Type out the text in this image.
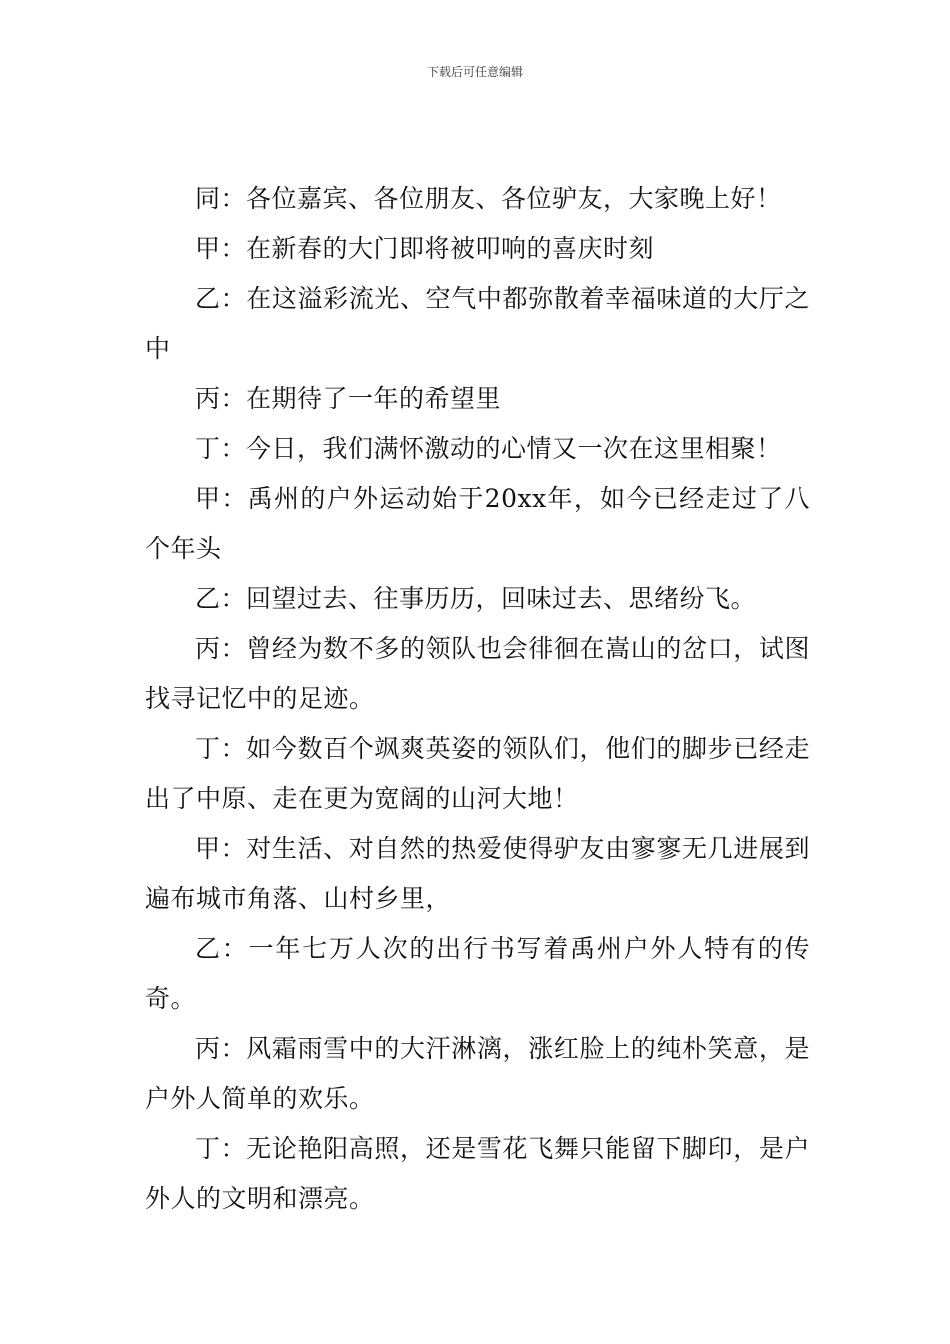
下载后可任意编辑

同：各位嘉宾、各位朋友、各位驴友，大家晚上好！

甲：在新春的大门即将被叩响的喜庆时刻

乙：在这溢彩流光、空气中都弥散着幸福味道的大厅之中

丙：在期待了一年的希望里

丁：今日，我们满怀激动的心情又一次在这里相聚！

甲：禹州的户外运动始于20xx年，如今已经走过了八个年头

乙：回望过去、往事历历，回味过去、思绪纷飞。

丙：曾经为数不多的领队也会徘徊在嵩山的岔口，试图找寻记忆中的足迹。

丁：如今数百个飒爽英姿的领队们，他们的脚步已经走出了中原、走在更为宽阔的山河大地！

甲：对生活、对自然的热爱使得驴友由寥寥无几进展到遍布城市角落、山村乡里，

乙：一年七万人次的出行书写着禹州户外人特有的传奇。

丙：风霜雨雪中的大汗淋漓，涨红脸上的纯朴笑意，是户外人简单的欢乐。

丁：无论艳阳高照，还是雪花飞舞只能留下脚印，是户外人的文明和漂亮。
